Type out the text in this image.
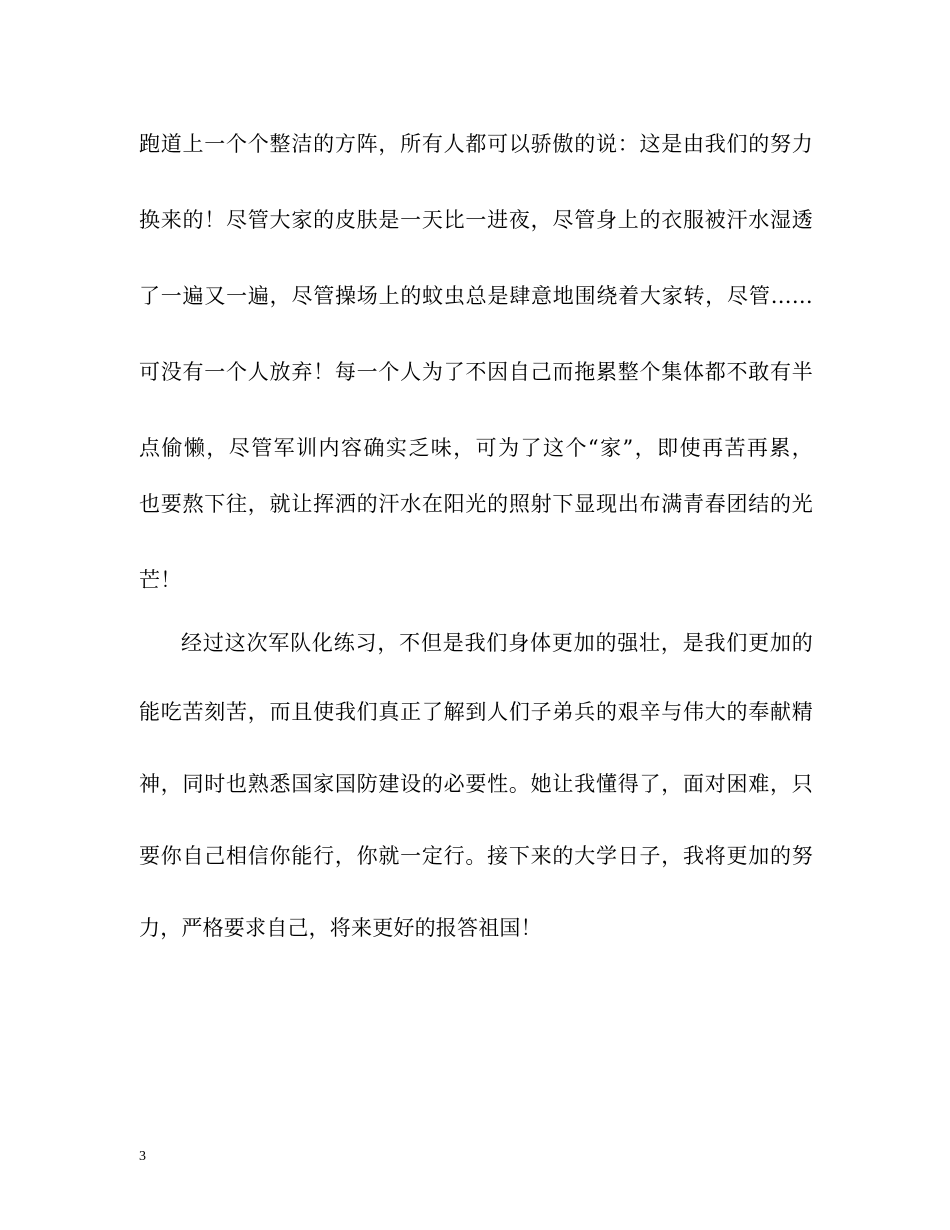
跑道上一个个整洁的方阵，所有人都可以骄傲的说：这是由我们的努力
换来的！尽管大家的皮肤是一天比一进夜，尽管身上的衣服被汗水湿透
了一遍又一遍，尽管操场上的蚊虫总是肆意地围绕着大家转，尽管……
可没有一个人放弃！每一个人为了不因自己而拖累整个集体都不敢有半
点偷懒，尽管军训内容确实乏味，可为了这个“家”，即使再苦再累，
也要熬下往，就让挥洒的汗水在阳光的照射下显现出布满青春团结的光
芒！
经过这次军队化练习，不但是我们身体更加的强壮，是我们更加的
能吃苦刻苦，而且使我们真正了解到人们子弟兵的艰辛与伟大的奉献精
神，同时也熟悉国家国防建设的必要性。她让我懂得了，面对困难，只
要你自己相信你能行，你就一定行。接下来的大学日子，我将更加的努
力，严格要求自己，将来更好的报答祖国！
3
